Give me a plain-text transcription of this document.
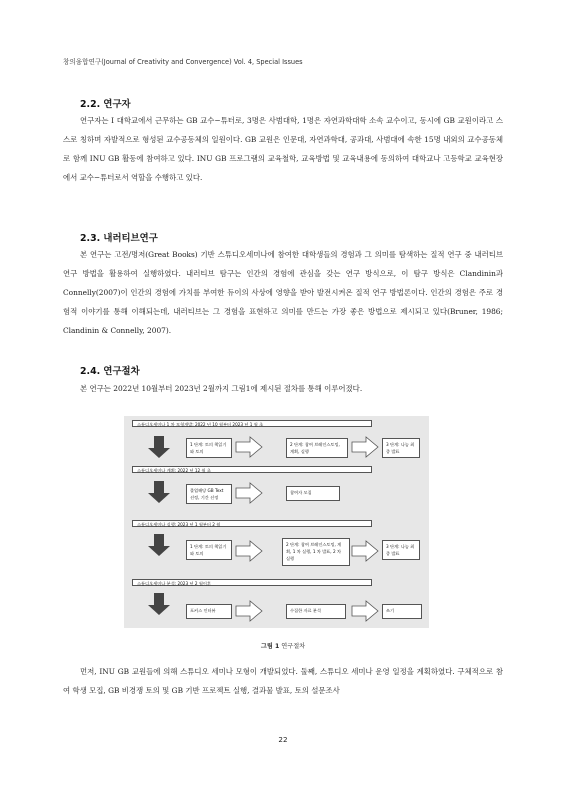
창의융합연구(Journal of Creativity and Convergence) Vol. 4, Special Issues
2.2. 연구자

연구자는 I 대학교에서 근무하는 GB 교수−튜터로, 3명은 사범대학, 1명은 자연과학대학 소속 교수이고, 동시에 GB 교원이라고 스스로 칭하며 자발적으로 형성된 교수공동체의 일원이다. GB 교원은 인문대, 자연과학대, 공과대, 사범대에 속한 15명 내외의 교수공동체로 함께 INU GB 활동에 참여하고 있다. INU GB 프로그램의 교육철학, 교육방법 및 교육내용에 동의하여 대학교나 고등학교 교육현장에서 교수−튜터로서 역할을 수행하고 있다.

2.3. 내러티브연구

본 연구는 고전/명저(Great Books) 기반 스튜디오세미나에 참여한 대학생들의 경험과 그 의미를 탐색하는 질적 연구 중 내러티브 연구 방법을 활용하여 실행하였다. 내러티브 탐구는 인간의 경험에 관심을 갖는 연구 방식으로, 이 탐구 방식은 Clandinin과 Connelly(2007)이 인간의 경험에 가치를 부여한 듀이의 사상에 영향을 받아 발전시켜온 질적 연구 방법론이다. 인간의 경험은 주로 경험적 이야기를 통해 이해되는데, 내러티브는 그 경험을 표현하고 의미를 만드는 가장 좋은 방법으로 제시되고 있다(Bruner, 1986; Clandinin & Connelly, 2007).

2.4. 연구절차

본 연구는 2022년 10월부터 2023년 2월까지 그림1에 제시된 절차를 통해 이루어졌다.

스튜디오세미나 1 차 모형개발: 2022 년 10 월부터 2023 년 1 월 초
1 단계: 토의 책읽기와 토의
2 단계: 참여 브레인스토밍, 계획, 실행
3 단계: 나눔 최종 발표
스튜디오세미나 계획: 2022 년 12 월 초
졸업해당 GB Text 선정, 기간 선정
참여자 모집
스튜디오세미나 실행: 2023 년 1 월부터 2 월
1 단계: 토의 책읽기와 토의
2 단계: 참여 브레인스토밍, 계획, 1 차 실행, 1 차 발표, 2 차 실행
3 단계: 나눔 최종 발표
스튜디오세미나 분석: 2023 년 2 월이후
포커스 인터뷰	수집한 자료 분석	쓰기
그림 1 연구절차

먼저, INU GB 교원들에 의해 스튜디오 세미나 모형이 개발되었다. 둘째, 스튜디오 세미나 운영 일정을 계획하였다. 구체적으로 참여 학생 모집, GB 비경쟁 토의 및 GB 기반 프로젝트 실행, 결과물 발표, 토의 설문조사

22
